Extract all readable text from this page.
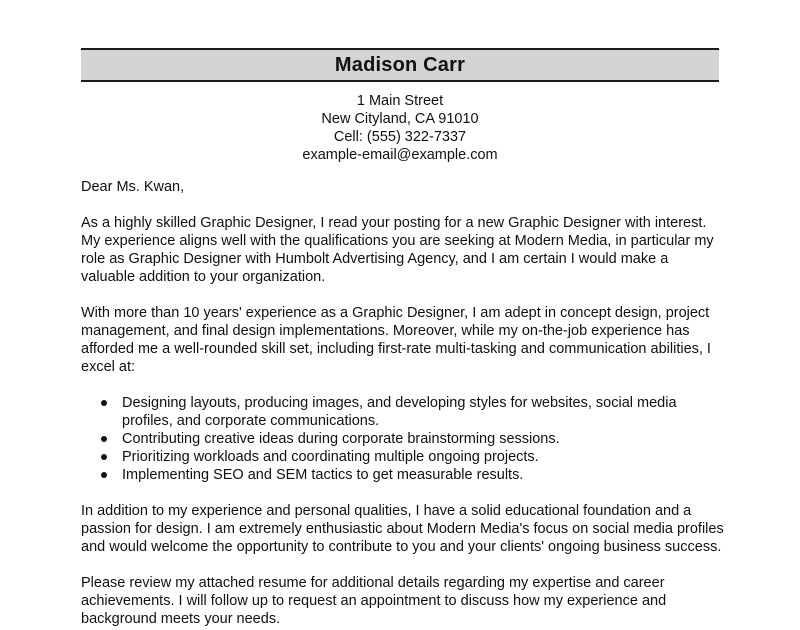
Madison Carr
1 Main Street
New Cityland, CA 91010
Cell: (555) 322-7337
example-email@example.com

Dear Ms. Kwan,

As a highly skilled Graphic Designer, I read your posting for a new Graphic Designer with interest. My experience aligns well with the qualifications you are seeking at Modern Media, in particular my role as Graphic Designer with Humbolt Advertising Agency, and I am certain I would make a valuable addition to your organization.

With more than 10 years' experience as a Graphic Designer, I am adept in concept design, project management, and final design implementations. Moreover, while my on-the-job experience has afforded me a well-rounded skill set, including first-rate multi-tasking and communication abilities, I excel at:

Designing layouts, producing images, and developing styles for websites, social media profiles, and corporate communications.
Contributing creative ideas during corporate brainstorming sessions.
Prioritizing workloads and coordinating multiple ongoing projects.
Implementing SEO and SEM tactics to get measurable results.

In addition to my experience and personal qualities, I have a solid educational foundation and a passion for design. I am extremely enthusiastic about Modern Media's focus on social media profiles and would welcome the opportunity to contribute to you and your clients' ongoing business success.

Please review my attached resume for additional details regarding my expertise and career achievements. I will follow up to request an appointment to discuss how my experience and background meets your needs.
